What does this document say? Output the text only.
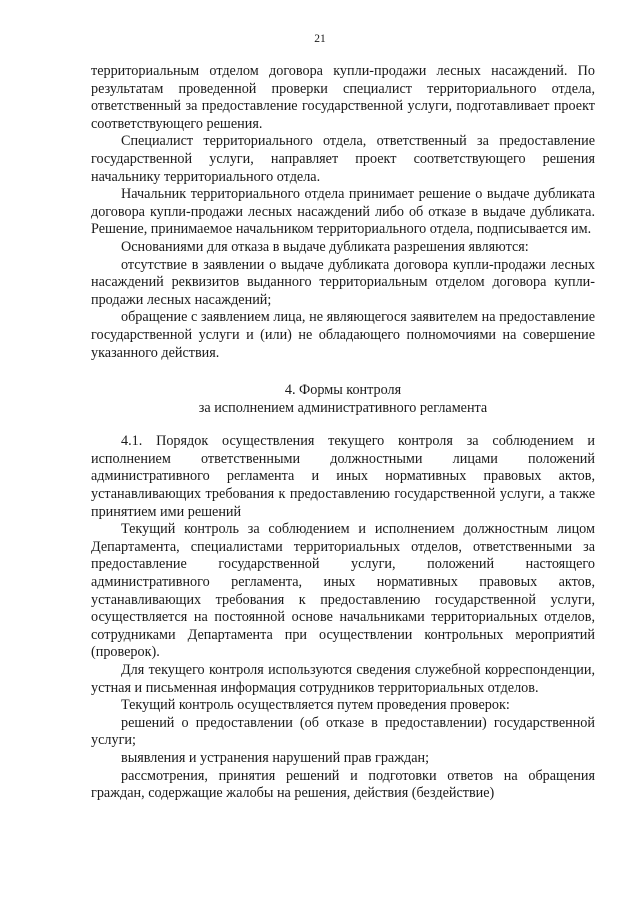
21

территориальным отделом договора купли-продажи лесных насаждений. По результатам проведенной проверки специалист территориального отдела, ответственный за предоставление государственной услуги, подготавливает проект соответствующего решения.

Специалист территориального отдела, ответственный за предоставление государственной услуги, направляет проект соответствующего решения начальнику территориального отдела.

Начальник территориального отдела принимает решение о выдаче дубликата договора купли-продажи лесных насаждений либо об отказе в выдаче дубликата. Решение, принимаемое начальником территориального отдела, подписывается им.

Основаниями для отказа в выдаче дубликата разрешения являются:

отсутствие в заявлении о выдаче дубликата договора купли-продажи лесных насаждений реквизитов выданного территориальным отделом договора купли-продажи лесных насаждений;

обращение с заявлением лица, не являющегося заявителем на предоставление государственной услуги и (или) не обладающего полномочиями на совершение указанного действия.

4. Формы контроля

за исполнением административного регламента

4.1. Порядок осуществления текущего контроля за соблюдением и исполнением ответственными должностными лицами положений административного регламента и иных нормативных правовых актов, устанавливающих требования к предоставлению государственной услуги, а также принятием ими решений

Текущий контроль за соблюдением и исполнением должностным лицом Департамента, специалистами территориальных отделов, ответственными за предоставление государственной услуги, положений настоящего административного регламента, иных нормативных правовых актов, устанавливающих требования к предоставлению государственной услуги, осуществляется на постоянной основе начальниками территориальных отделов, сотрудниками Департамента при осуществлении контрольных мероприятий (проверок).

Для текущего контроля используются сведения служебной корреспонденции, устная и письменная информация сотрудников территориальных отделов.

Текущий контроль осуществляется путем проведения проверок:

решений о предоставлении (об отказе в предоставлении) государственной услуги;

выявления и устранения нарушений прав граждан;

рассмотрения, принятия решений и подготовки ответов на обращения граждан, содержащие жалобы на решения, действия (бездействие)
